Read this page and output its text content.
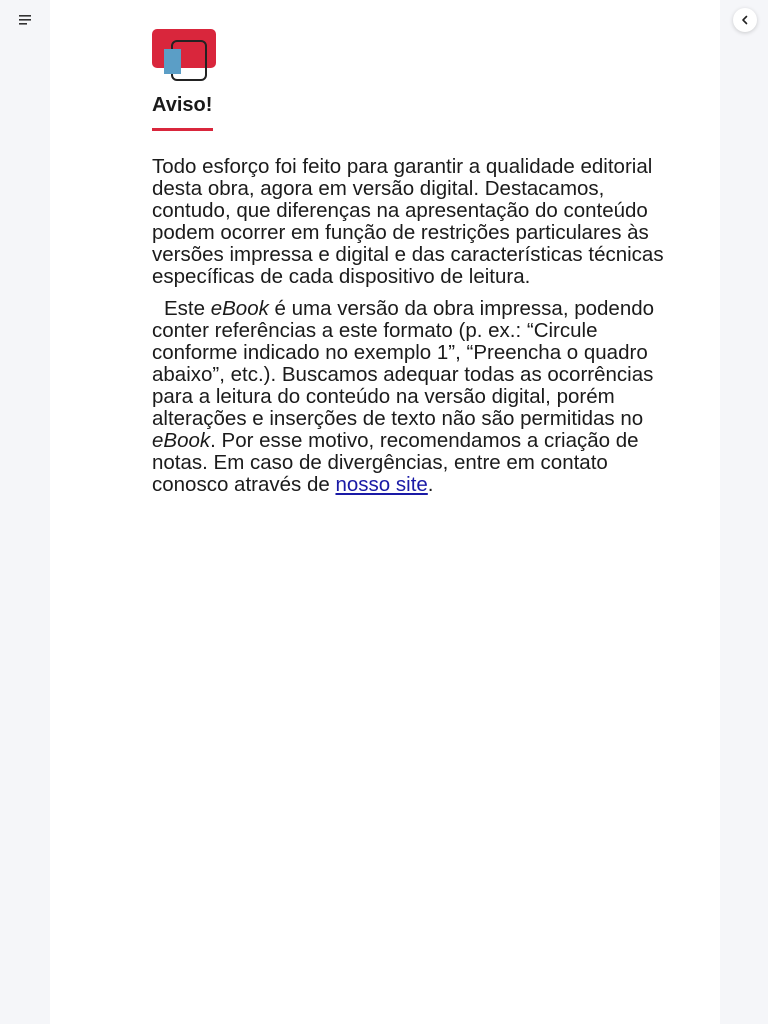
Aviso!

Todo esforço foi feito para garantir a qualidade editorial desta obra, agora em versão digital. Destacamos, contudo, que diferenças na apresentação do conteúdo podem ocorrer em função de restrições particulares às versões impressa e digital e das características técnicas específicas de cada dispositivo de leitura.

Este eBook é uma versão da obra impressa, podendo conter referências a este formato (p. ex.: “Circule conforme indicado no exemplo 1”, “Preencha o quadro abaixo”, etc.). Buscamos adequar todas as ocorrências para a leitura do conteúdo na versão digital, porém alterações e inserções de texto não são permitidas no eBook. Por esse motivo, recomendamos a criação de notas. Em caso de divergências, entre em contato conosco através de nosso site.
